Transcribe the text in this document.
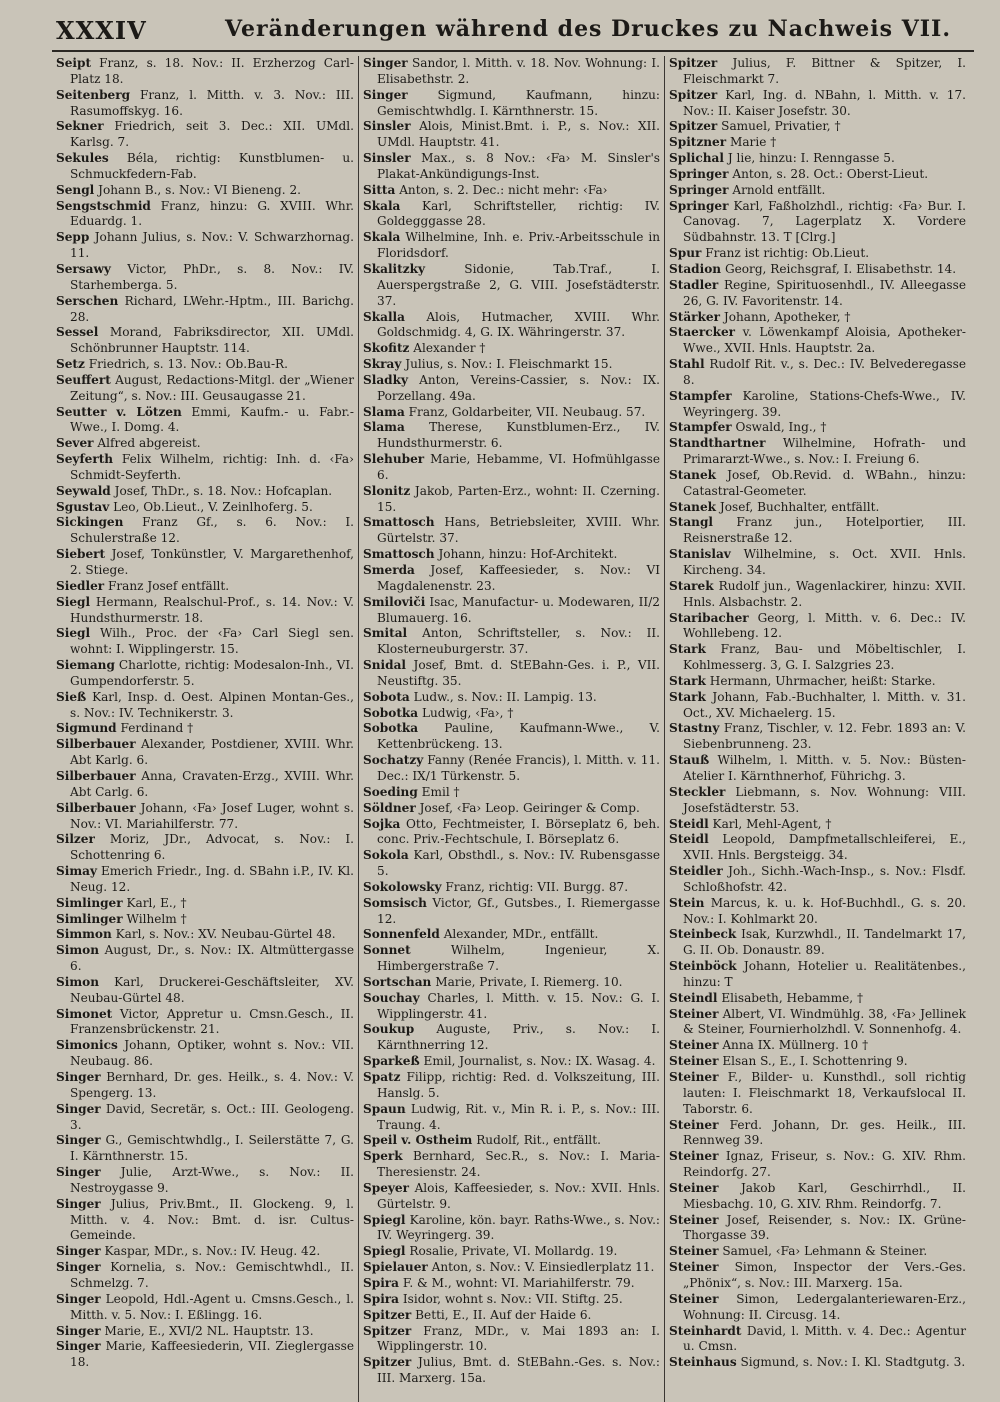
XXXIV	Veränderungen während des Druckes zu Nachweis VII.

Seipt Franz, s. 18. Nov.: II. Erzherzog Carl-Platz 18.

Seitenberg Franz, l. Mitth. v. 3. Nov.: III. Rasumoffskyg. 16.

Sekner Friedrich, seit 3. Dec.: XII. UMdl. Karlsg. 7.

Sekules Béla, richtig: Kunstblumen- u. Schmuckfedern-Fab.

Sengl Johann B., s. Nov.: VI Bieneng. 2.

Sengstschmid Franz, hinzu: G. XVIII. Whr. Eduardg. 1.

Sepp Johann Julius, s. Nov.: V. Schwarzhornag. 11.

Sersawy Victor, PhDr., s. 8. Nov.: IV. Starhemberga. 5.

Serschen Richard, LWehr.-Hptm., III. Barichg. 28.

Sessel Morand, Fabriksdirector, XII. UMdl. Schönbrunner Hauptstr. 114.

Setz Friedrich, s. 13. Nov.: Ob.Bau-R.

Seuffert August, Redactions-Mitgl. der „Wiener Zeitung“, s. Nov.: III. Geusaugasse 21.

Seutter v. Lötzen Emmi, Kaufm.- u. Fabr.-Wwe., I. Domg. 4.

Sever Alfred abgereist.

Seyferth Felix Wilhelm, richtig: Inh. d. ‹Fa› Schmidt-Seyferth.

Seywald Josef, ThDr., s. 18. Nov.: Hofcaplan.

Sgustav Leo, Ob.Lieut., V. Zeinlhoferg. 5.

Sickingen Franz Gf., s. 6. Nov.: I. Schulerstraße 12.

Siebert Josef, Tonkünstler, V. Margarethenhof, 2. Stiege.

Siedler Franz Josef entfällt.

Siegl Hermann, Realschul-Prof., s. 14. Nov.: V. Hundsthurmerstr. 18.

Siegl Wilh., Proc. der ‹Fa› Carl Siegl sen. wohnt: I. Wipplingerstr. 15.

Siemang Charlotte, richtig: Modesalon-Inh., VI. Gumpendorferstr. 5.

Sieß Karl, Insp. d. Oest. Alpinen Montan-Ges., s. Nov.: IV. Technikerstr. 3.

Sigmund Ferdinand †

Silberbauer Alexander, Postdiener, XVIII. Whr. Abt Karlg. 6.

Silberbauer Anna, Cravaten-Erzg., XVIII. Whr. Abt Carlg. 6.

Silberbauer Johann, ‹Fa› Josef Luger, wohnt s. Nov.: VI. Mariahilferstr. 77.

Silzer Moriz, JDr., Advocat, s. Nov.: I. Schottenring 6.

Simay Emerich Friedr., Ing. d. SBahn i.P., IV. Kl. Neug. 12.

Simlinger Karl, E., †

Simlinger Wilhelm †

Simmon Karl, s. Nov.: XV. Neubau-Gürtel 48.

Simon August, Dr., s. Nov.: IX. Altmüttergasse 6.

Simon Karl, Druckerei-Geschäftsleiter, XV. Neubau-Gürtel 48.

Simonet Victor, Appretur u. Cmsn.Gesch., II. Franzensbrückenstr. 21.

Simonics Johann, Optiker, wohnt s. Nov.: VII. Neubaug. 86.

Singer Bernhard, Dr. ges. Heilk., s. 4. Nov.: V. Spengerg. 13.

Singer David, Secretär, s. Oct.: III. Geologeng. 3.

Singer G., Gemischtwhdlg., I. Seilerstätte 7, G. I. Kärnthnerstr. 15.

Singer Julie, Arzt-Wwe., s. Nov.: II. Nestroygasse 9.

Singer Julius, Priv.Bmt., II. Glockeng. 9, l. Mitth. v. 4. Nov.: Bmt. d. isr. Cultus-Gemeinde.

Singer Kaspar, MDr., s. Nov.: IV. Heug. 42.

Singer Kornelia, s. Nov.: Gemischtwhdl., II. Schmelzg. 7.

Singer Leopold, Hdl.-Agent u. Cmsns.Gesch., l. Mitth. v. 5. Nov.: I. Eßlingg. 16.

Singer Marie, E., XVI/2 NL. Hauptstr. 13.

Singer Marie, Kaffeesiederin, VII. Zieglergasse 18.

Singer Sandor, l. Mitth. v. 18. Nov. Wohnung: I. Elisabethstr. 2.

Singer Sigmund, Kaufmann, hinzu: Gemischtwhdlg. I. Kärnthnerstr. 15.

Sinsler Alois, Minist.Bmt. i. P., s. Nov.: XII. UMdl. Hauptstr. 41.

Sinsler Max., s. 8 Nov.: ‹Fa› M. Sinsler's Plakat-Ankündigungs-Inst.

Sitta Anton, s. 2. Dec.: nicht mehr: ‹Fa›

Skala Karl, Schriftsteller, richtig: IV. Goldegggasse 28.

Skala Wilhelmine, Inh. e. Priv.-Arbeitsschule in Floridsdorf.

Skalitzky	Sidonie, Tab.Traf., I. Auerspergstraße 2, G. VIII. Josefstädterstr. 37.

Skalla Alois, Hutmacher, XVIII. Whr. Goldschmidg. 4, G. IX. Währingerstr. 37.

Skofitz Alexander †

Skray Julius, s. Nov.: I. Fleischmarkt 15.

Sladky Anton, Vereins-Cassier, s. Nov.: IX. Porzellang. 49a.

Slama Franz, Goldarbeiter, VII. Neubaug. 57.

Slama Therese, Kunstblumen-Erz., IV. Hundsthurmerstr. 6.

Slehuber Marie, Hebamme, VI. Hofmühlgasse 6.

Slonitz Jakob, Parten-Erz., wohnt: II. Czerning. 15.

Smattosch Hans, Betriebsleiter, XVIII. Whr. Gürtelstr. 37.

Smattosch Johann, hinzu: Hof-Architekt.

Smerda Josef, Kaffeesieder, s. Nov.: VI Magdalenenstr. 23.

Smiloviči Isac, Manufactur- u. Modewaren, II/2 Blumauerg. 16.

Smital Anton, Schriftsteller, s. Nov.: II. Klosterneuburgerstr. 37.

Snidal Josef, Bmt. d. StEBahn-Ges. i. P., VII. Neustiftg. 35.

Sobota Ludw., s. Nov.: II. Lampig. 13.

Sobotka Ludwig, ‹Fa›, †

Sobotka Pauline, Kaufmann-Wwe., V. Kettenbrückeng. 13.

Sochatzy Fanny (Renée Francis), l. Mitth. v. 11. Dec.: IX/1 Türkenstr. 5.

Soeding Emil †

Söldner Josef, ‹Fa› Leop. Geiringer & Comp.

Sojka Otto, Fechtmeister, I. Börseplatz 6, beh. conc. Priv.-Fechtschule, I. Börseplatz 6.

Sokola Karl, Obsthdl., s. Nov.: IV. Rubensgasse 5.

Sokolowsky Franz, richtig: VII. Burgg. 87.

Somsisch Victor, Gf., Gutsbes., I. Riemergasse 12.

Sonnenfeld Alexander, MDr., entfällt.

Sonnet	Wilhelm, Ingenieur, X. Himbergerstraße 7.

Sortschan Marie, Private, I. Riemerg. 10.

Souchay Charles, l. Mitth. v. 15. Nov.: G. I. Wipplingerstr. 41.

Soukup Auguste, Priv., s. Nov.: I. Kärnthnerring 12.

Sparkeß Emil, Journalist, s. Nov.: IX. Wasag. 4.

Spatz Filipp, richtig: Red. d. Volkszeitung, III. Hanslg. 5.

Spaun Ludwig, Rit. v., Min R. i. P., s. Nov.: III. Traung. 4.

Speil v. Ostheim Rudolf, Rit., entfällt.

Sperk Bernhard, Sec.R., s. Nov.: I. Maria-Theresienstr. 24.

Speyer Alois, Kaffeesieder, s. Nov.: XVII. Hnls. Gürtelstr. 9.

Spiegl Karoline, kön. bayr. Raths-Wwe., s. Nov.: IV. Weyringerg. 39.

Spiegl Rosalie, Private, VI. Mollardg. 19.

Spielauer Anton, s. Nov.: V. Einsiedlerplatz 11.

Spira F. & M., wohnt: VI. Mariahilferstr. 79.

Spira Isidor, wohnt s. Nov.: VII. Stiftg. 25.

Spitzer Betti, E., II. Auf der Haide 6.

Spitzer Franz, MDr., v. Mai 1893 an: I. Wipplingerstr. 10.

Spitzer Julius, Bmt. d. StEBahn.-Ges. s. Nov.: III. Marxerg. 15a.

Spitzer Julius, F. Bittner & Spitzer, I. Fleischmarkt 7.

Spitzer Karl, Ing. d. NBahn, l. Mitth. v. 17. Nov.: II. Kaiser Josefstr. 30.

Spitzer Samuel, Privatier, †

Spitzner Marie †

Splichal J lie, hinzu: I. Renngasse 5.

Springer Anton, s. 28. Oct.: Oberst-Lieut.

Springer Arnold entfällt.

Springer Karl, Faßholzhdl., richtig: ‹Fa› Bur. I. Canovag. 7, Lagerplatz X. Vordere Südbahnstr. 13. T [Clrg.]

Spur Franz ist richtig: Ob.Lieut.

Stadion Georg, Reichsgraf, I. Elisabethstr. 14.

Stadler Regine, Spirituosenhdl., IV. Alleegasse 26, G. IV. Favoritenstr. 14.

Stärker Johann, Apotheker, †

Staercker v. Löwenkampf Aloisia, Apotheker-Wwe., XVII. Hnls. Hauptstr. 2a.

Stahl Rudolf Rit. v., s. Dec.: IV. Belvederegasse 8.

Stampfer Karoline, Stations-Chefs-Wwe., IV. Weyringerg. 39.

Stampfer Oswald, Ing., †

Standthartner Wilhelmine, Hofrath- und Primararzt-Wwe., s. Nov.: I. Freiung 6.

Stanek Josef, Ob.Revid. d. WBahn., hinzu: Catastral-Geometer.

Stanek Josef, Buchhalter, entfällt.

Stangl Franz jun., Hotelportier, III. Reisnerstraße 12.

Stanislav Wilhelmine, s. Oct. XVII. Hnls. Kircheng. 34.

Starek Rudolf jun., Wagenlackirer, hinzu: XVII. Hnls. Alsbachstr. 2.

Staribacher Georg, l. Mitth. v. 6. Dec.: IV. Wohllebeng. 12.

Stark Franz, Bau- und Möbeltischler, I. Kohlmesserg. 3, G. I. Salzgries 23.

Stark Hermann, Uhrmacher, heißt: Starke.

Stark Johann, Fab.-Buchhalter, l. Mitth. v. 31. Oct., XV. Michaelerg. 15.

Stastny Franz, Tischler, v. 12. Febr. 1893 an: V. Siebenbrunneng. 23.

Stauß Wilhelm, l. Mitth. v. 5. Nov.: Büsten-Atelier I. Kärnthnerhof, Führichg. 3.

Steckler Liebmann, s. Nov. Wohnung: VIII. Josefstädterstr. 53.

Steidl Karl, Mehl-Agent, †

Steidl Leopold, Dampfmetallschleiferei, E., XVII. Hnls. Bergsteigg. 34.

Steidler Joh., Sichh.-Wach-Insp., s. Nov.: Flsdf. Schloßhofstr. 42.

Stein Marcus, k. u. k. Hof-Buchhdl., G. s. 20. Nov.: I. Kohlmarkt 20.

Steinbeck Isak, Kurzwhdl., II. Tandelmarkt 17, G. II. Ob. Donaustr. 89.

Steinböck Johann, Hotelier u. Realitätenbes., hinzu: T

Steindl Elisabeth, Hebamme, †

Steiner Albert, VI. Windmühlg. 38, ‹Fa› Jellinek & Steiner, Fournierholzhdl. V. Sonnenhofg. 4.

Steiner Anna IX. Müllnerg. 10 †

Steiner Elsan S., E., I. Schottenring 9.

Steiner F., Bilder- u. Kunsthdl., soll richtig lauten: I. Fleischmarkt 18, Verkaufslocal II. Taborstr. 6.

Steiner Ferd. Johann, Dr. ges. Heilk., III. Rennweg 39.

Steiner Ignaz, Friseur, s. Nov.: G. XIV. Rhm. Reindorfg. 27.

Steiner Jakob Karl, Geschirrhdl., II. Miesbachg. 10, G. XIV. Rhm. Reindorfg. 7.

Steiner Josef, Reisender, s. Nov.: IX. Grüne-Thorgasse 39.

Steiner Samuel, ‹Fa› Lehmann & Steiner.

Steiner Simon, Inspector der Vers.-Ges. „Phönix“, s. Nov.: III. Marxerg. 15a.

Steiner Simon, Ledergalanteriewaren-Erz., Wohnung: II. Circusg. 14.

Steinhardt David, l. Mitth. v. 4. Dec.: Agentur u. Cmsn.

Steinhaus Sigmund, s. Nov.: I. Kl. Stadtgutg. 3.
